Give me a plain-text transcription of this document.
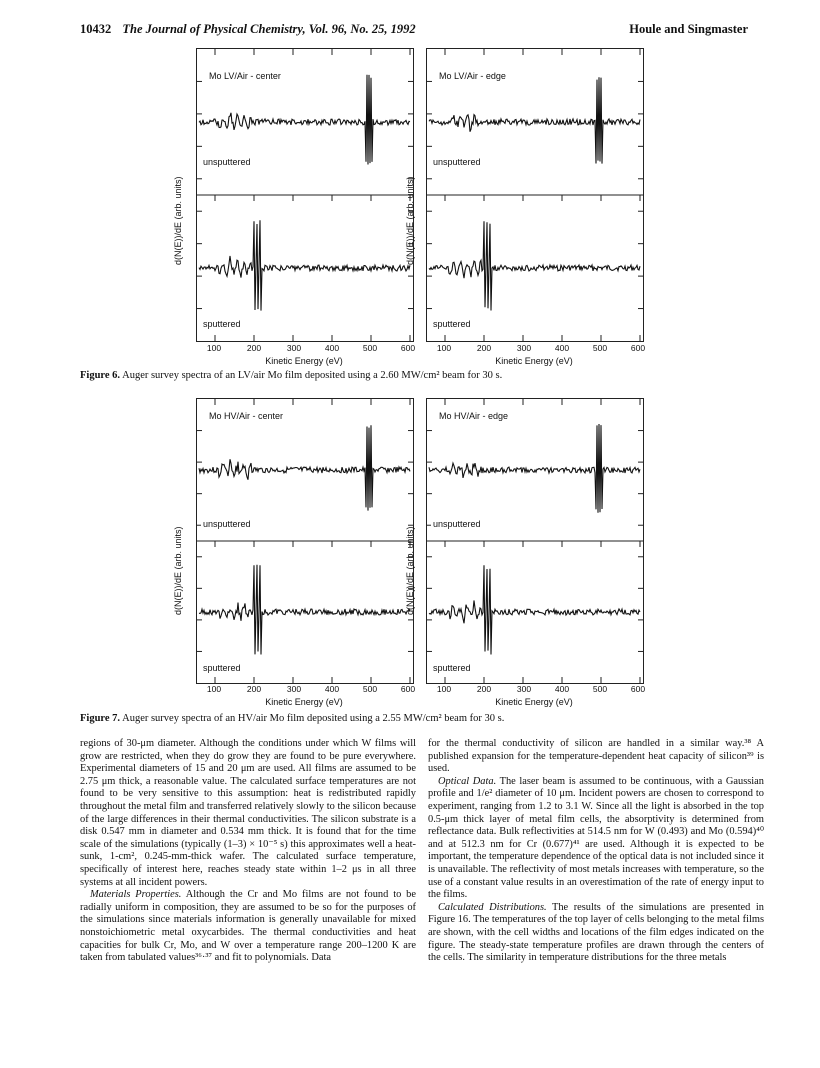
10432 The Journal of Physical Chemistry, Vol. 96, No. 25, 1992	Houle and Singmaster
Mo LV/Air - center
unsputtered
sputtered
Mo LV/Air - edge
unsputtered
sputtered
d(N(E))/dE (arb. units)	d(N(E))/dE (arb. units)
100	200	300	400	500	600	100	200	300	400	500	600
Kinetic Energy (eV)	Kinetic Energy (eV)
Figure 6. Auger survey spectra of an LV/air Mo film deposited using a 2.60 MW/cm² beam for 30 s.
Mo HV/Air - center
unsputtered
sputtered
Mo HV/Air - edge
unsputtered
sputtered
d(N(E))/dE (arb. units)	d(N(E))/dE (arb. units)
100	200	300	400	500	600	100	200	300	400	500	600
Kinetic Energy (eV)	Kinetic Energy (eV)
Figure 7. Auger survey spectra of an HV/air Mo film deposited using a 2.55 MW/cm² beam for 30 s.

regions of 30-μm diameter. Although the conditions under which W films will grow are restricted, when they do grow they are found to be pure everywhere. Experimental diameters of 15 and 20 μm are used. All films are assumed to be 2.75 μm thick, a reasonable value. The calculated surface temperatures are not found to be very sensitive to this assumption: heat is redistributed rapidly throughout the metal film and transferred relatively slowly to the silicon because of the large differences in their thermal conductivities. The silicon substrate is a disk 0.547 mm in diameter and 0.534 mm thick. It is found that for the time scale of the simulations (typically (1–3) × 10⁻⁵ s) this approximates well a heat-sunk, 1-cm², 0.245-mm-thick wafer. The calculated surface temperature, specifically of interest here, reaches steady state within 1–2 μs in all three systems at all incident powers.

Materials Properties. Although the Cr and Mo films are not found to be radially uniform in composition, they are assumed to be so for the purposes of the simulations since materials information is generally unavailable for mixed nonstoichiometric metal oxycarbides. The thermal conductivities and heat capacities for bulk Cr, Mo, and W over a temperature range 200–1200 K are taken from tabulated values³⁶·³⁷ and fit to polynomials. Data

for the thermal conductivity of silicon are handled in a similar way.³⁸ A published expansion for the temperature-dependent heat capacity of silicon³⁹ is used.

Optical Data. The laser beam is assumed to be continuous, with a Gaussian profile and 1/e² diameter of 10 μm. Incident powers are chosen to correspond to experiment, ranging from 1.2 to 3.1 W. Since all the light is absorbed in the top 0.5-μm thick layer of metal film cells, the absorptivity is determined from reflectance data. Bulk reflectivities at 514.5 nm for W (0.493) and Mo (0.594)⁴⁰ and at 512.3 nm for Cr (0.677)⁴¹ are used. Although it is expected to be important, the temperature dependence of the optical data is not included since it is unavailable. The reflectivity of most metals increases with temperature, so the use of a constant value results in an overestimation of the rate of energy input to the films.

Calculated Distributions. The results of the simulations are presented in Figure 16. The temperatures of the top layer of cells belonging to the metal films are shown, with the cell widths and locations of the film edges indicated on the figure. The steady-state temperature profiles are drawn through the centers of the cells. The similarity in temperature distributions for the three metals
